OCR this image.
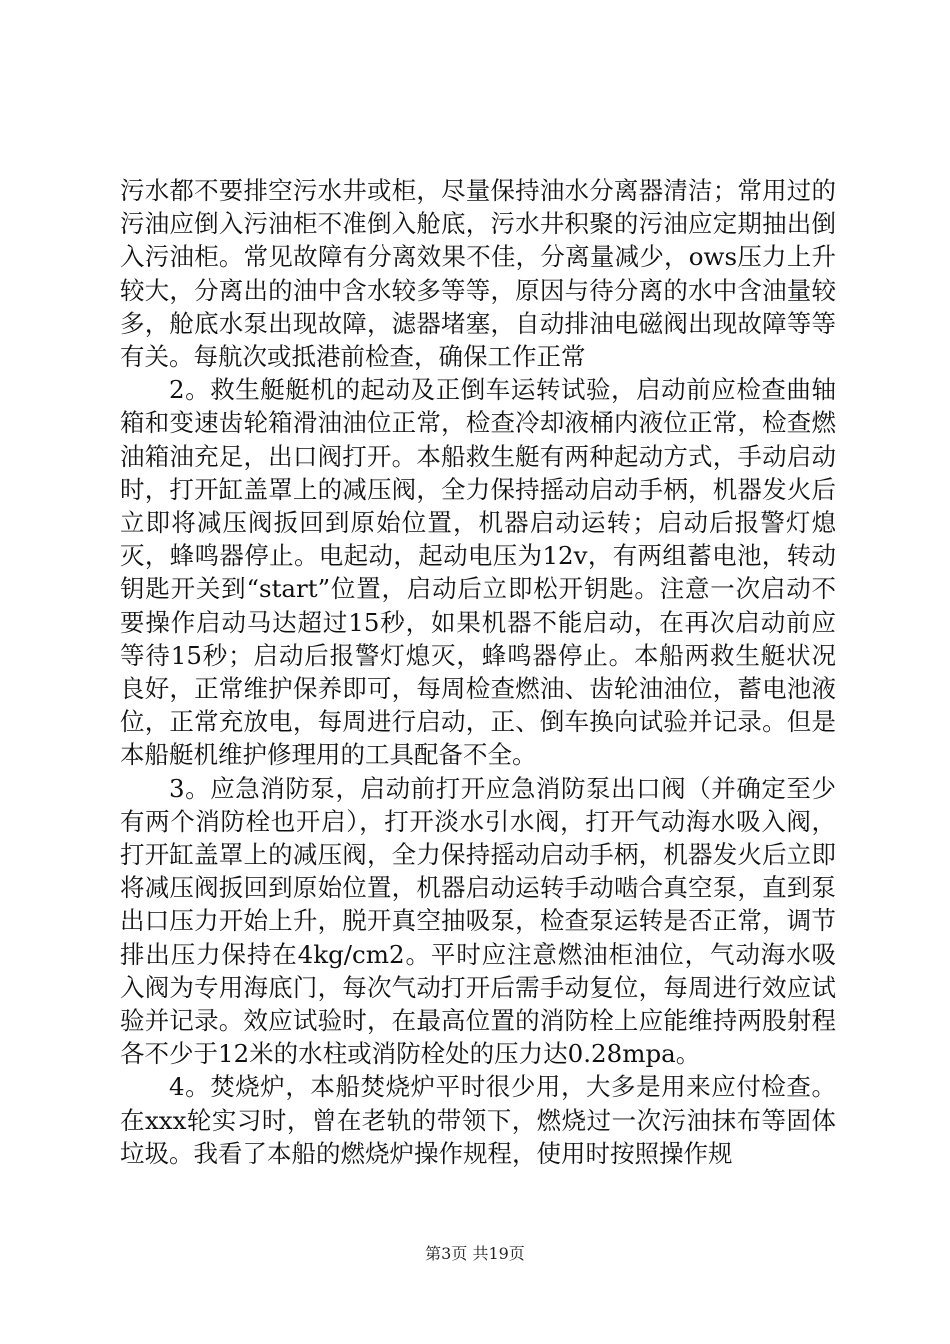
污水都不要排空污水井或柜，尽量保持油水分离器清洁；常用过的污油应倒入污油柜不准倒入舱底，污水井积聚的污油应定期抽出倒入污油柜。常见故障有分离效果不佳，分离量减少，ows压力上升较大，分离出的油中含水较多等等，原因与待分离的水中含油量较多，舱底水泵出现故障，滤器堵塞，自动排油电磁阀出现故障等等有关。每航次或抵港前检查，确保工作正常

2。救生艇艇机的起动及正倒车运转试验，启动前应检查曲轴箱和变速齿轮箱滑油油位正常，检查冷却液桶内液位正常，检查燃油箱油充足，出口阀打开。本船救生艇有两种起动方式，手动启动时，打开缸盖罩上的减压阀，全力保持摇动启动手柄，机器发火后立即将减压阀扳回到原始位置，机器启动运转；启动后报警灯熄灭，蜂鸣器停止。电起动，起动电压为12v，有两组蓄电池，转动钥匙开关到“start”位置，启动后立即松开钥匙。注意一次启动不要操作启动马达超过15秒，如果机器不能启动，在再次启动前应等待15秒；启动后报警灯熄灭，蜂鸣器停止。本船两救生艇状况良好，正常维护保养即可，每周检查燃油、齿轮油油位，蓄电池液位，正常充放电，每周进行启动，正、倒车换向试验并记录。但是本船艇机维护修理用的工具配备不全。

3。应急消防泵，启动前打开应急消防泵出口阀（并确定至少有两个消防栓也开启），打开淡水引水阀，打开气动海水吸入阀，打开缸盖罩上的减压阀，全力保持摇动启动手柄，机器发火后立即将减压阀扳回到原始位置，机器启动运转手动啮合真空泵，直到泵出口压力开始上升，脱开真空抽吸泵，检查泵运转是否正常，调节排出压力保持在4kg/cm2。平时应注意燃油柜油位，气动海水吸入阀为专用海底门，每次气动打开后需手动复位，每周进行效应试验并记录。效应试验时，在最高位置的消防栓上应能维持两股射程各不少于12米的水柱或消防栓处的压力达0.28mpa。

4。焚烧炉，本船焚烧炉平时很少用，大多是用来应付检查。在xxx轮实习时，曾在老轨的带领下，燃烧过一次污油抹布等固体垃圾。我看了本船的燃烧炉操作规程，使用时按照操作规

第3页 共19页
